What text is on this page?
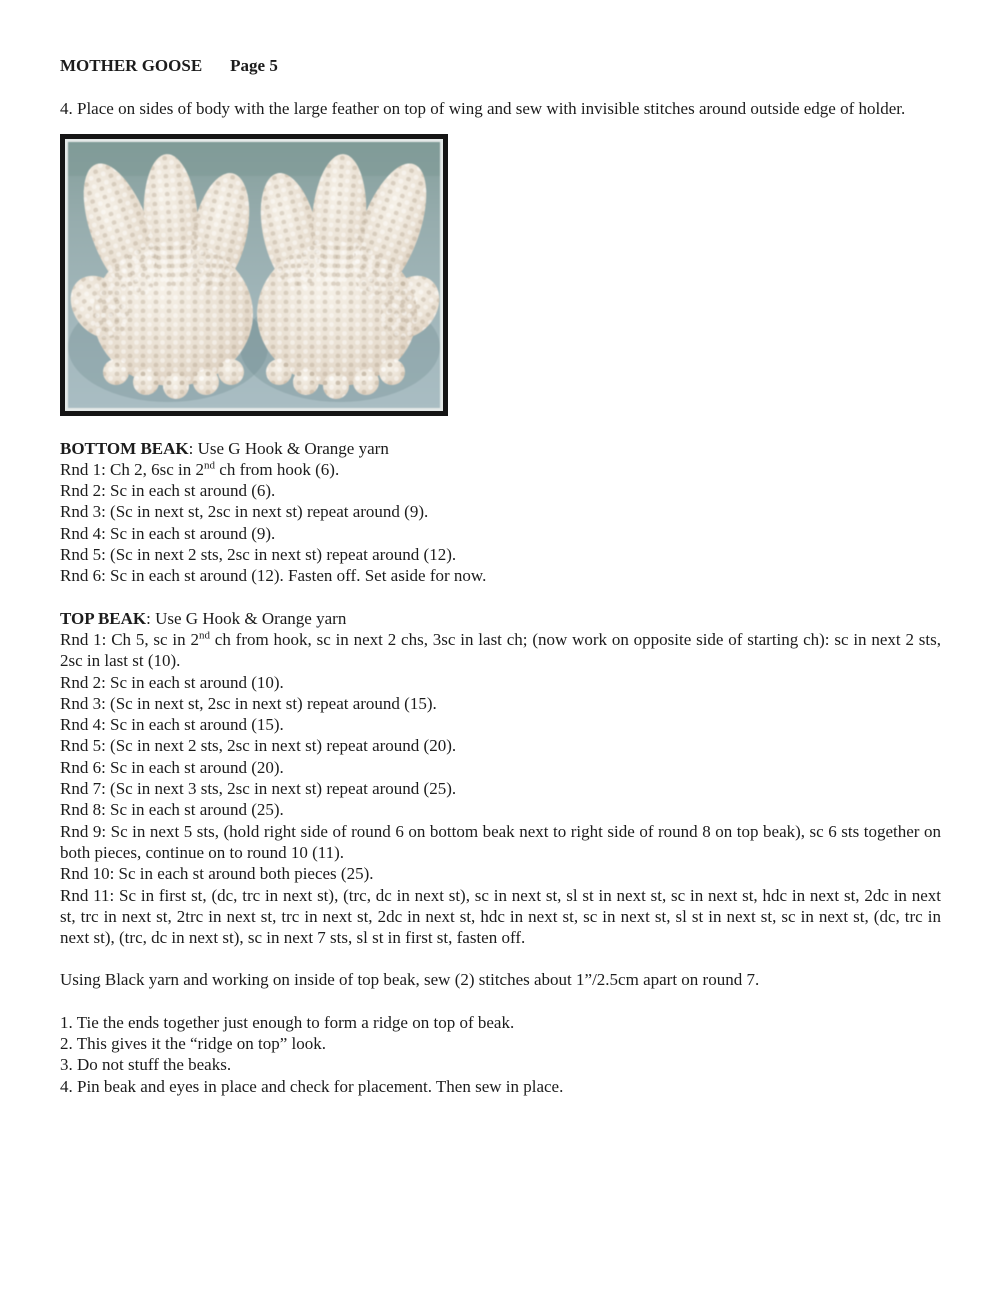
MOTHER GOOSE Page 5

4. Place on sides of body with the large feather on top of wing and sew with invisible stitches around outside edge of holder.

BOTTOM BEAK: Use G Hook & Orange yarn
Rnd 1: Ch 2, 6sc in 2nd ch from hook (6).
Rnd 2: Sc in each st around (6).
Rnd 3: (Sc in next st, 2sc in next st) repeat around (9).
Rnd 4: Sc in each st around (9).
Rnd 5: (Sc in next 2 sts, 2sc in next st) repeat around (12).
Rnd 6: Sc in each st around (12). Fasten off. Set aside for now.
TOP BEAK: Use G Hook & Orange yarn
Rnd 1: Ch 5, sc in 2nd ch from hook, sc in next 2 chs, 3sc in last ch; (now work on opposite side of starting ch): sc in next 2 sts, 2sc in last st (10).
Rnd 2: Sc in each st around (10).
Rnd 3: (Sc in next st, 2sc in next st) repeat around (15).
Rnd 4: Sc in each st around (15).
Rnd 5: (Sc in next 2 sts, 2sc in next st) repeat around (20).
Rnd 6: Sc in each st around (20).
Rnd 7: (Sc in next 3 sts, 2sc in next st) repeat around (25).
Rnd 8: Sc in each st around (25).
Rnd 9: Sc in next 5 sts, (hold right side of round 6 on bottom beak next to right side of round 8 on top beak), sc 6 sts together on both pieces, continue on to round 10 (11).
Rnd 10: Sc in each st around both pieces (25).
Rnd 11: Sc in first st, (dc, trc in next st), (trc, dc in next st), sc in next st, sl st in next st, sc in next st, hdc in next st, 2dc in next st, trc in next st, 2trc in next st, trc in next st, 2dc in next st, hdc in next st, sc in next st, sl st in next st, sc in next st, (dc, trc in next st), (trc, dc in next st), sc in next 7 sts, sl st in first st, fasten off.

Using Black yarn and working on inside of top beak, sew (2) stitches about 1”/2.5cm apart on round 7.

1. Tie the ends together just enough to form a ridge on top of beak.
2. This gives it the “ridge on top” look.
3. Do not stuff the beaks.
4. Pin beak and eyes in place and check for placement. Then sew in place.
